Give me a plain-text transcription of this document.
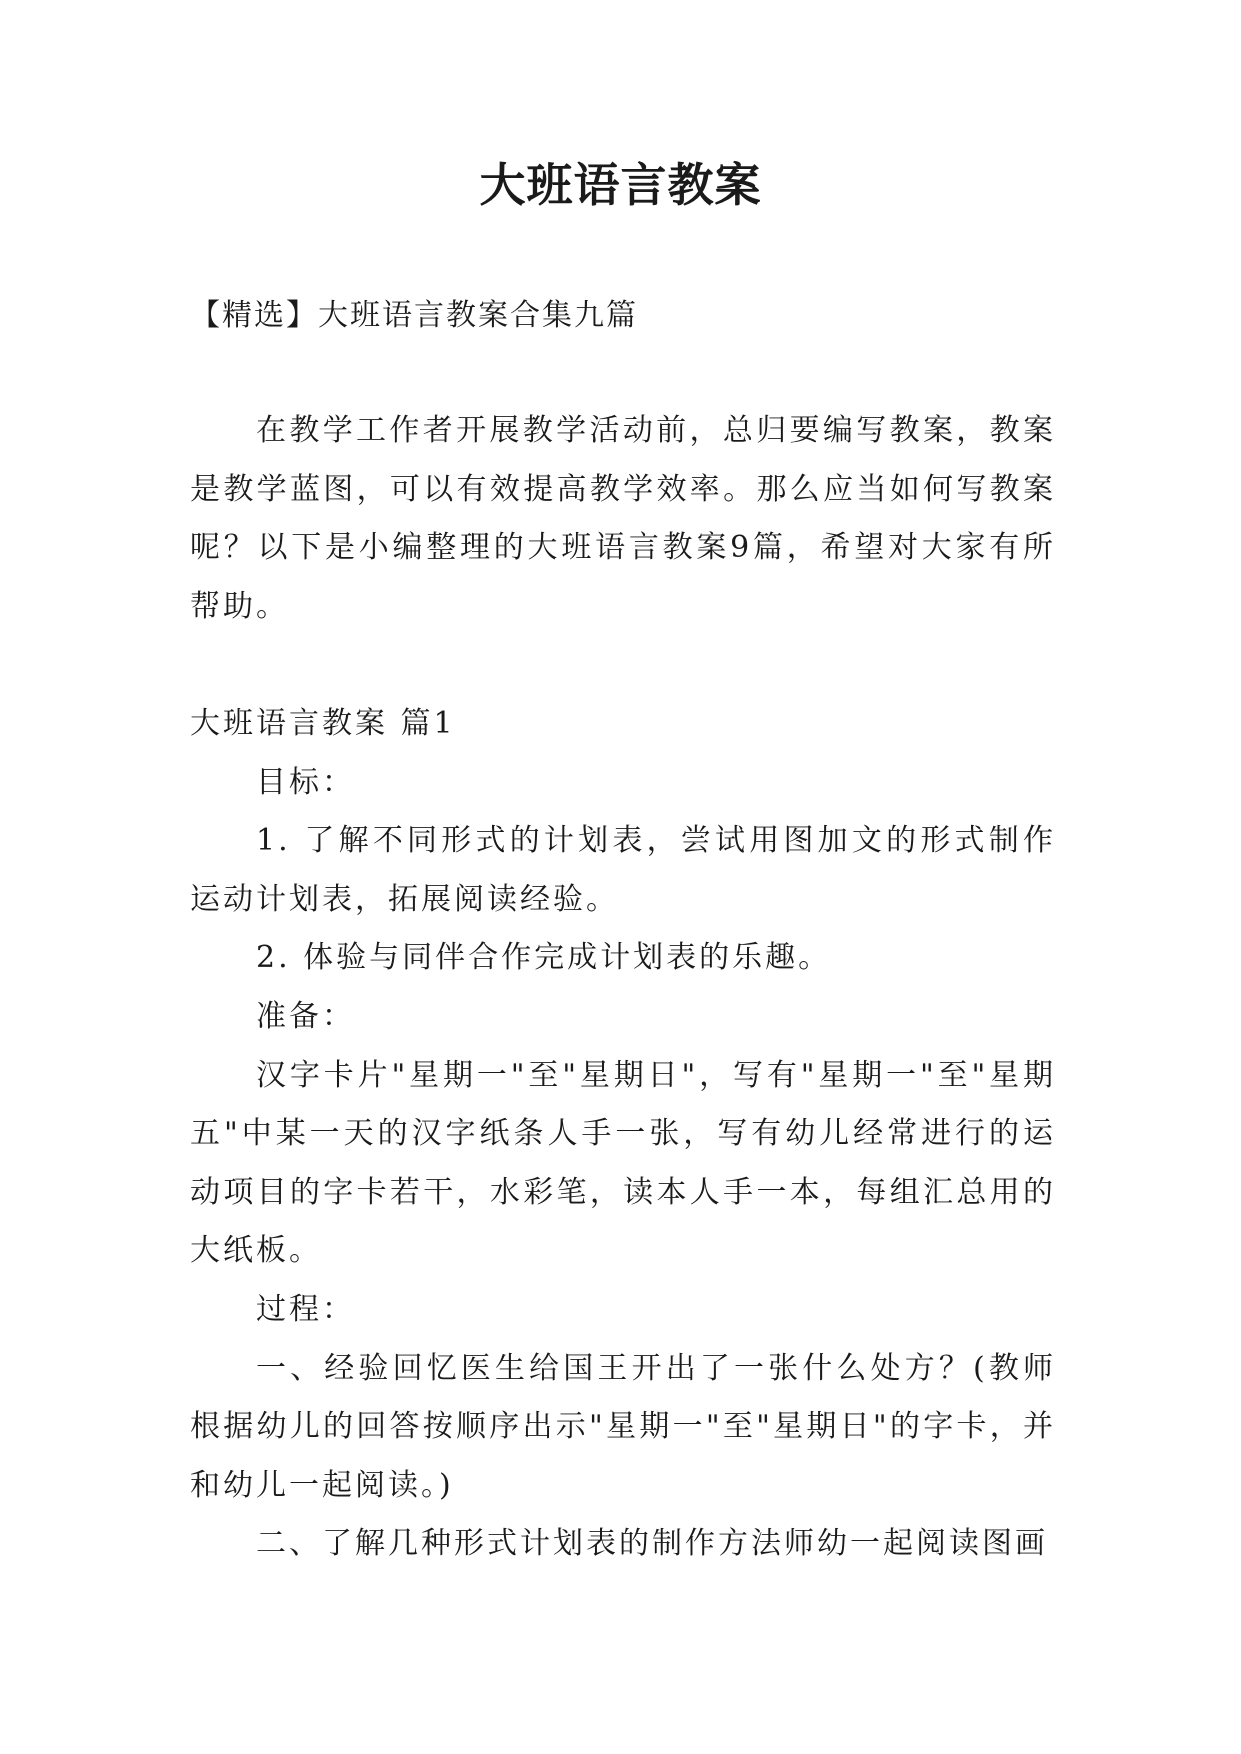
大班语言教案
【精选】大班语言教案合集九篇

在教学工作者开展教学活动前，总归要编写教案，教案是教学蓝图，可以有效提高教学效率。那么应当如何写教案呢？以下是小编整理的大班语言教案9篇，希望对大家有所帮助。

大班语言教案 篇1

目标：

1. 了解不同形式的计划表，尝试用图加文的形式制作运动计划表，拓展阅读经验。

2. 体验与同伴合作完成计划表的乐趣。

准备：

汉字卡片"星期一"至"星期日"，写有"星期一"至"星期五"中某一天的汉字纸条人手一张，写有幼儿经常进行的运动项目的字卡若干，水彩笔，读本人手一本，每组汇总用的大纸板。

过程：

一、经验回忆医生给国王开出了一张什么处方？(教师根据幼儿的回答按顺序出示"星期一"至"星期日"的字卡，并和幼儿一起阅读。)

二、了解几种形式计划表的制作方法师幼一起阅读图画
